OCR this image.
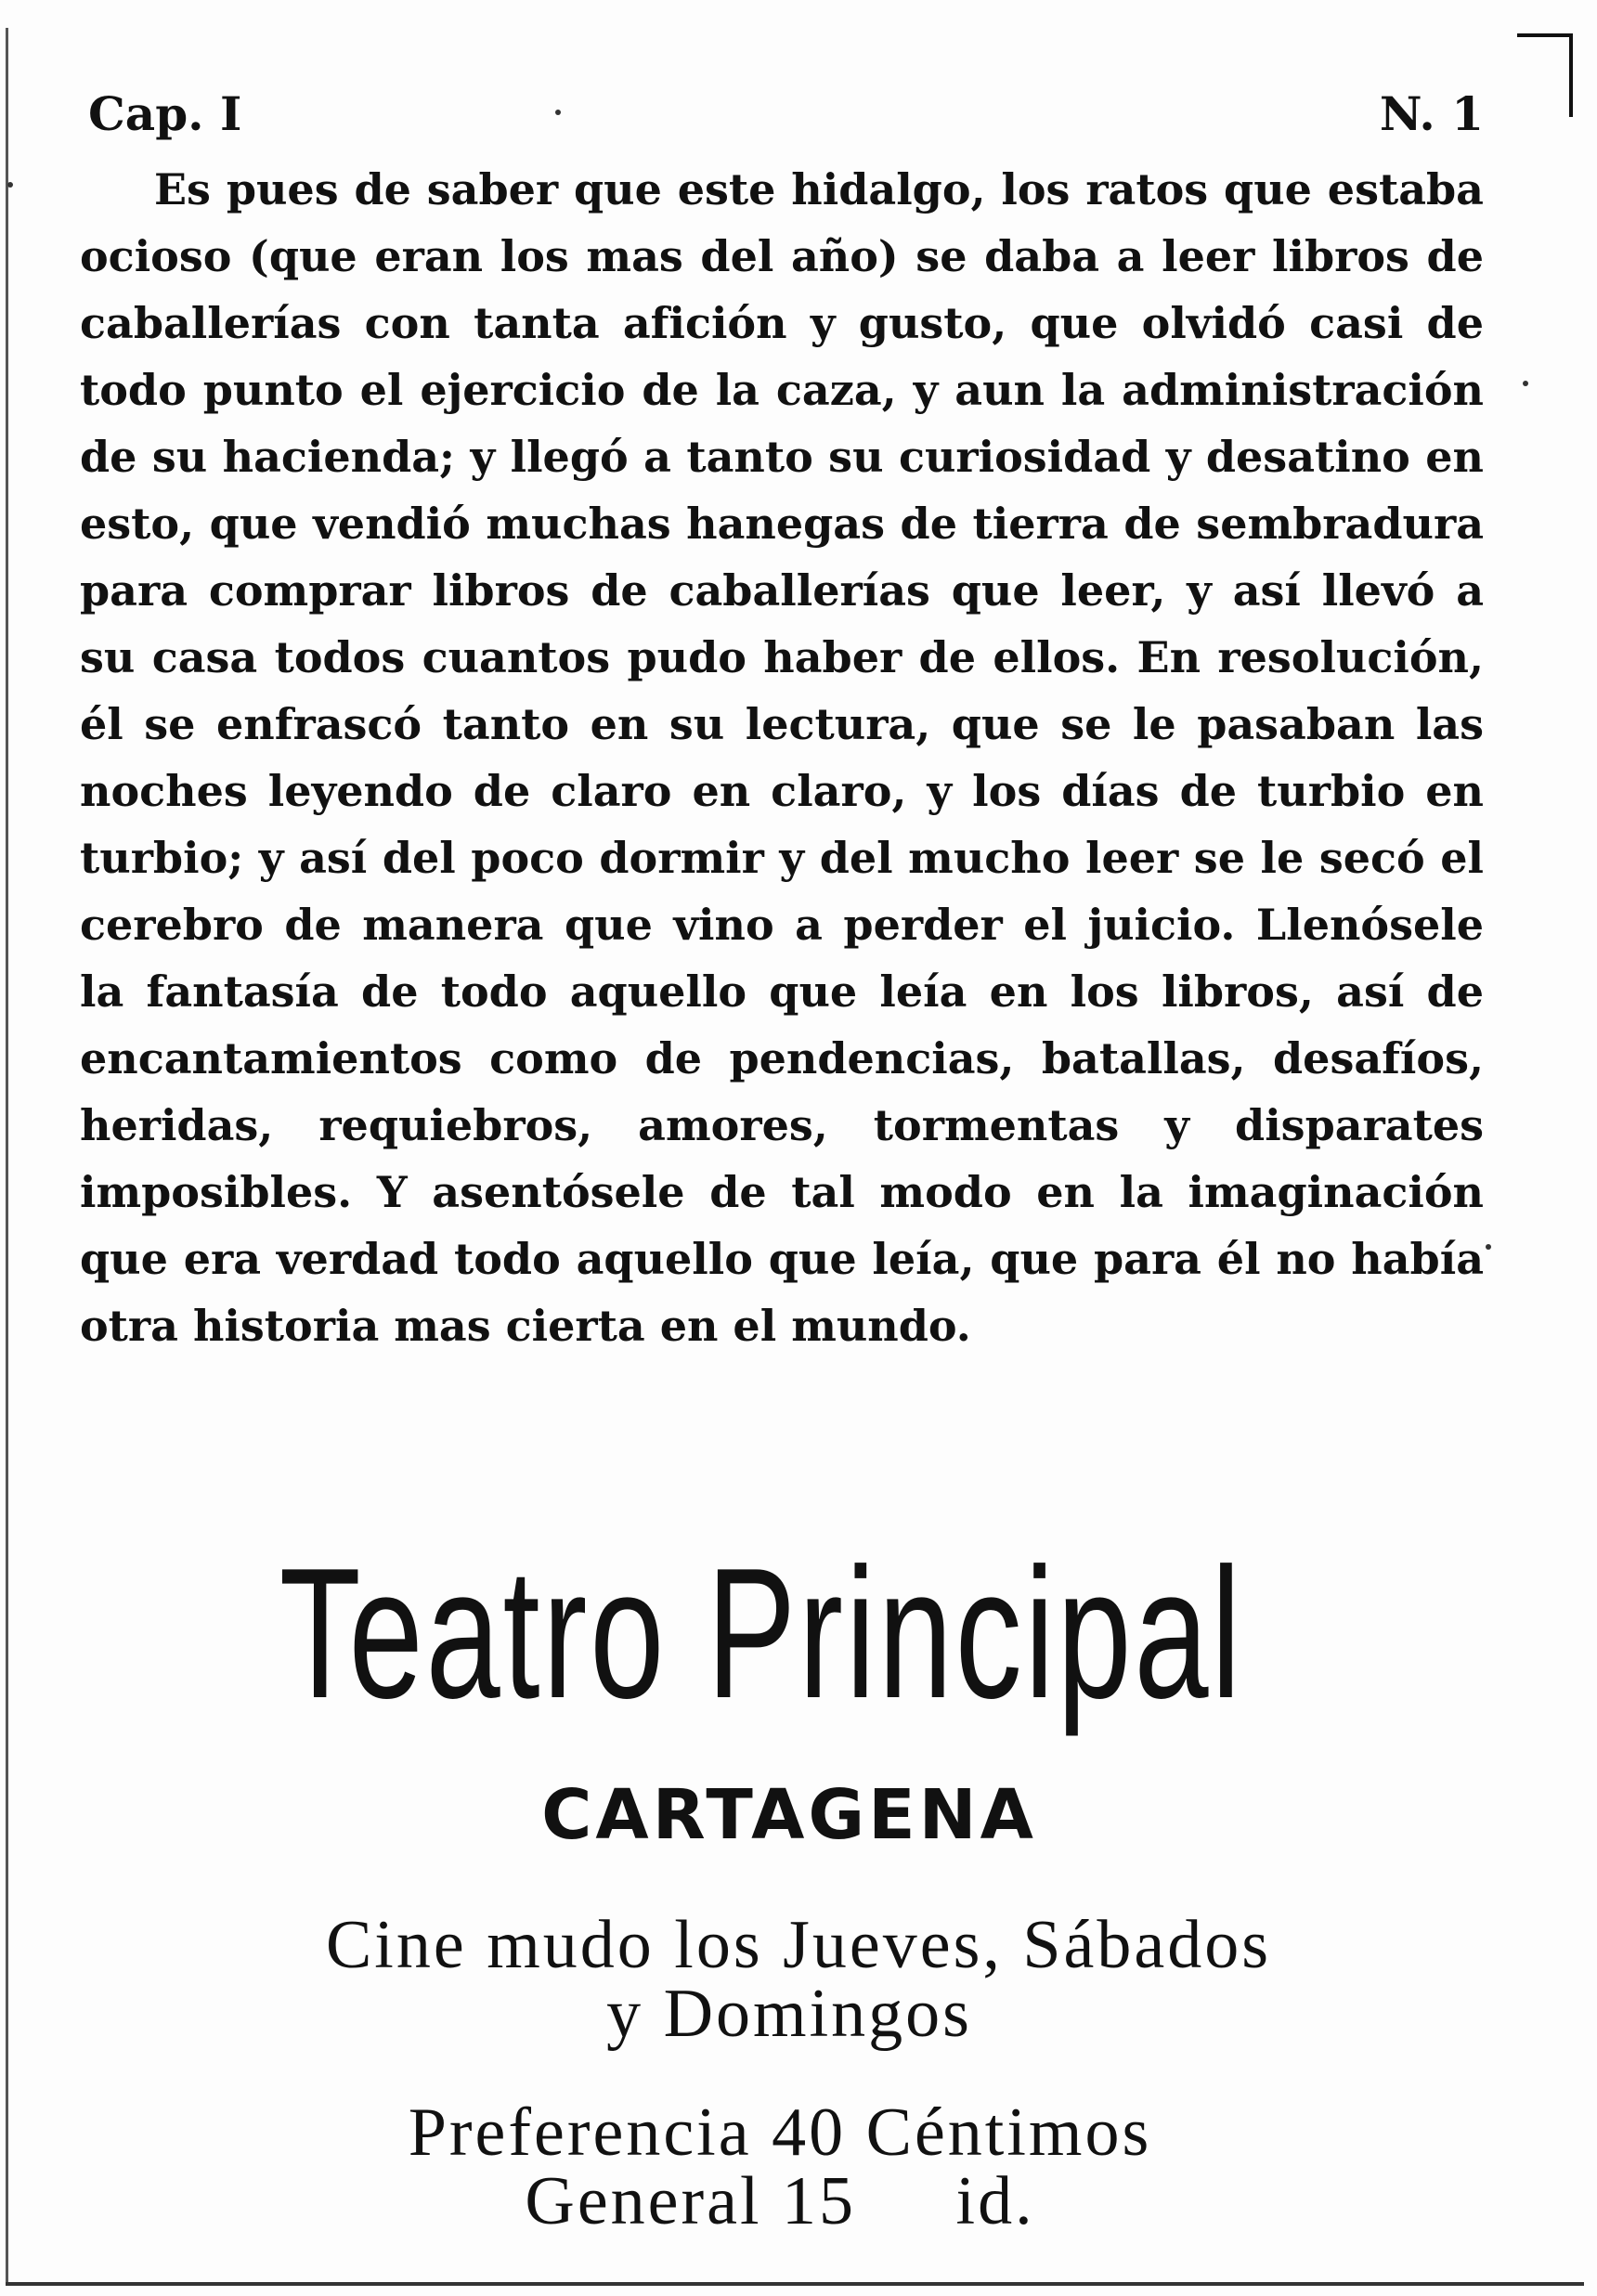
Cap. I	N. 1

Es pues de saber que este hidalgo, los ratos que estaba ocioso (que eran los mas del año) se daba a leer libros de caballerías con tanta afición y gusto, que olvidó casi de todo punto el ejercicio de la caza, y aun la administración de su hacienda; y llegó a tanto su curiosidad y desatino en esto, que vendió muchas hanegas de tierra de sembradura para comprar libros de caballerías que leer, y así llevó a su casa todos cuantos pudo haber de ellos. En resolución, él se enfrascó tanto en su lectura, que se le pasaban las noches leyendo de claro en claro, y los días de turbio en turbio; y así del poco dormir y del mucho leer se le secó el cerebro de manera que vino a perder el juicio. Llenósele la fantasía de todo aquello que leía en los libros, así de encantamientos como de pendencias, batallas, desafíos, heridas, requiebros, amores, tormentas y disparates imposibles. Y asentósele de tal modo en la imaginación que era verdad todo aquello que leía, que para él no había otra historia mas cierta en el mundo.

Teatro Principal
CARTAGENA
Cine mudo los Jueves, Sábados
y Domingos
Preferencia 40 Céntimos
General 15     id.
